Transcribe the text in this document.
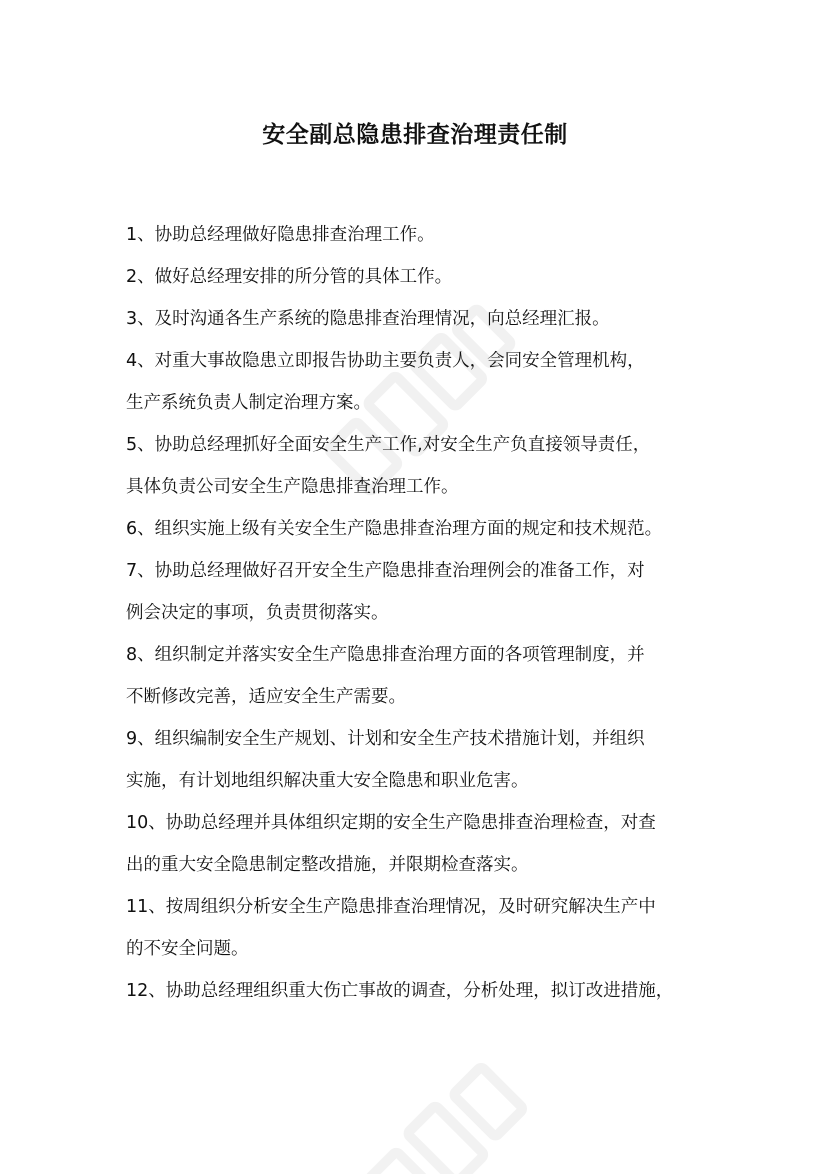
安全副总隐患排查治理责任制
1、协助总经理做好隐患排查治理工作。
2、做好总经理安排的所分管的具体工作。
3、及时沟通各生产系统的隐患排查治理情况，向总经理汇报。
4、对重大事故隐患立即报告协助主要负责人，会同安全管理机构，
生产系统负责人制定治理方案。
5、协助总经理抓好全面安全生产工作,对安全生产负直接领导责任，
具体负责公司安全生产隐患排查治理工作。
6、组织实施上级有关安全生产隐患排查治理方面的规定和技术规范。
7、协助总经理做好召开安全生产隐患排查治理例会的准备工作，对
例会决定的事项，负责贯彻落实。
8、组织制定并落实安全生产隐患排查治理方面的各项管理制度，并
不断修改完善，适应安全生产需要。
9、组织编制安全生产规划、计划和安全生产技术措施计划，并组织
实施，有计划地组织解决重大安全隐患和职业危害。
10、协助总经理并具体组织定期的安全生产隐患排查治理检查，对查
出的重大安全隐患制定整改措施，并限期检查落实。
11、按周组织分析安全生产隐患排查治理情况，及时研究解决生产中
的不安全问题。
12、协助总经理组织重大伤亡事故的调查，分析处理，拟订改进措施，
